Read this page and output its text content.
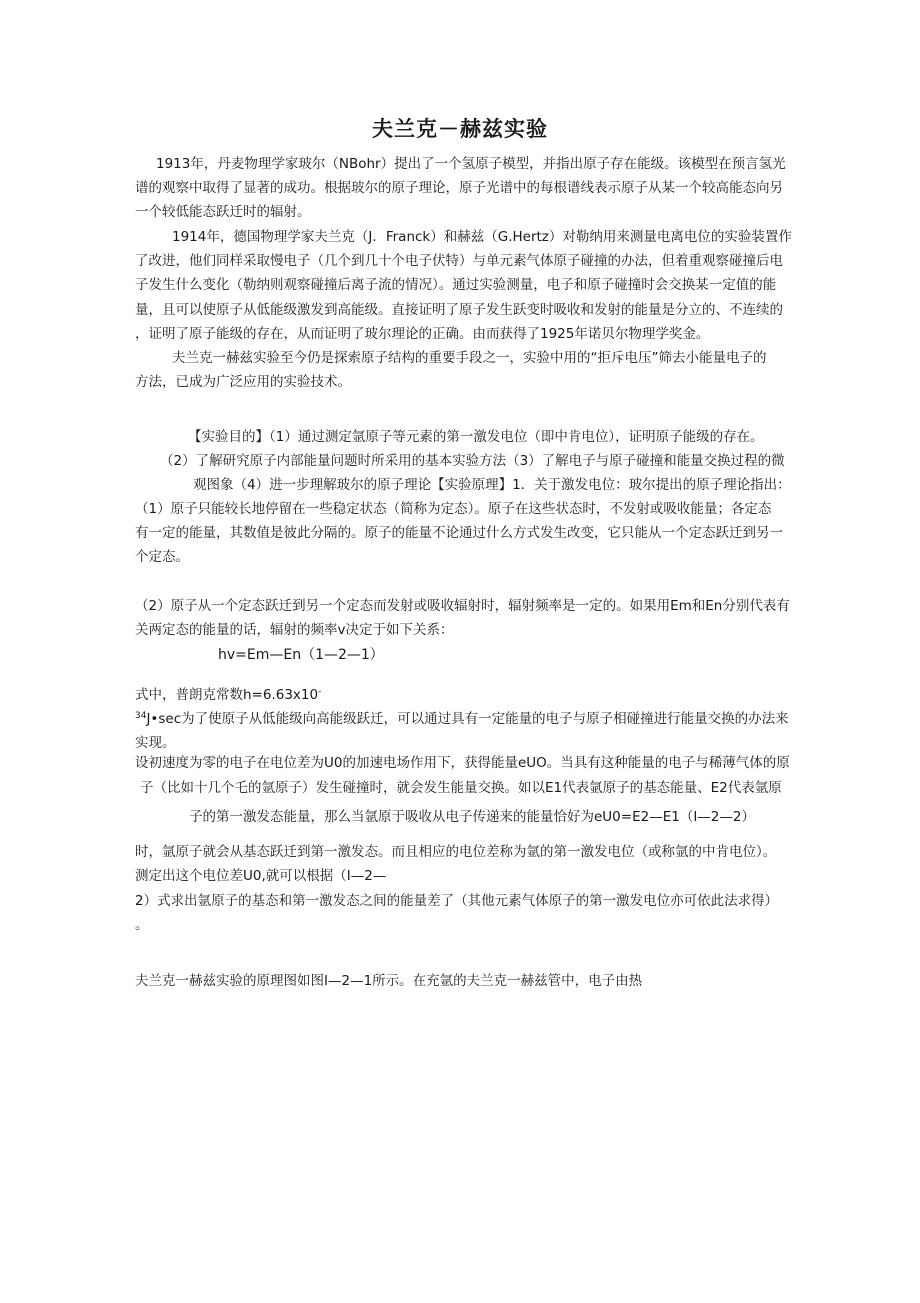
夫兰克－赫兹实验

1913年，丹麦物理学家玻尔（NBohr）提出了一个氢原子模型，并指出原子存在能级。该模型在预言氢光

谱的观察中取得了显著的成功。根据玻尔的原子理论，原子光谱中的每根谱线表示原子从某一个较高能态向另

一个较低能态跃迁时的辐射。

1914年，德国物理学家夫兰克（J．Franck）和赫兹（G.Hertz）对勒纳用来测量电离电位的实验装置作

了改进，他们同样采取慢电子（几个到几十个电子伏特）与单元素气体原子碰撞的办法，但着重观察碰撞后电

子发生什么变化（勒纳则观察碰撞后离子流的情况）。通过实验测量，电子和原子碰撞时会交换某一定值的能

量，且可以使原子从低能级激发到高能级。直接证明了原子发生跃变时吸收和发射的能量是分立的、不连续的

，证明了原子能级的存在，从而证明了玻尔理论的正确。由而获得了1925年诺贝尔物理学奖金。

夫兰克一赫兹实验至今仍是探索原子结构的重要手段之一，实验中用的“拒斥电压”筛去小能量电子的

方法，已成为广泛应用的实验技术。

【实验目的】（1）通过测定氩原子等元素的第一激发电位（即中肯电位），证明原子能级的存在。

（2）了解研究原子内部能量问题时所采用的基本实验方法（3）了解电子与原子碰撞和能量交换过程的微

观图象（4）进一步理解玻尔的原子理论【实验原理】1．关于激发电位：玻尔提出的原子理论指出：

（1）原子只能较长地停留在一些稳定状态（简称为定态）。原子在这些状态时，不发射或吸收能量；各定态

有一定的能量，其数值是彼此分隔的。原子的能量不论通过什么方式发生改变，它只能从一个定态跃迁到另一

个定态。

（2）原子从一个定态跃迁到另一个定态而发射或吸收辐射时，辐射频率是一定的。如果用Em和En分别代表有

关两定态的能量的话，辐射的频率v决定于如下关系：

hv=Em—En（1—2—1）

式中，普朗克常数h=6.63x10-

$^{34}$J•sec为了使原子从低能级向高能级跃迁，可以通过具有一定能量的电子与原子相碰撞进行能量交换的办法来

实现。

设初速度为零的电子在电位差为U0的加速电场作用下，获得能量eUO。当具有这种能量的电子与稀薄气体的原

子（比如十几个乇的氩原子）发生碰撞时，就会发生能量交换。如以E1代表氩原子的基态能量、E2代表氩原

子的第一激发态能量，那么当氩原于吸收从电子传递来的能量恰好为eU0=E2—E1（I—2—2）

时，氩原子就会从基态跃迁到第一激发态。而且相应的电位差称为氩的第一激发电位（或称氩的中肯电位）。

测定出这个电位差U0,就可以根据（I—2—

2）式求出氩原子的基态和第一激发态之间的能量差了（其他元素气体原子的第一激发电位亦可依此法求得）

。

夫兰克一赫兹实验的原理图如图I—2—1所示。在充氩的夫兰克一赫兹管中，电子由热
